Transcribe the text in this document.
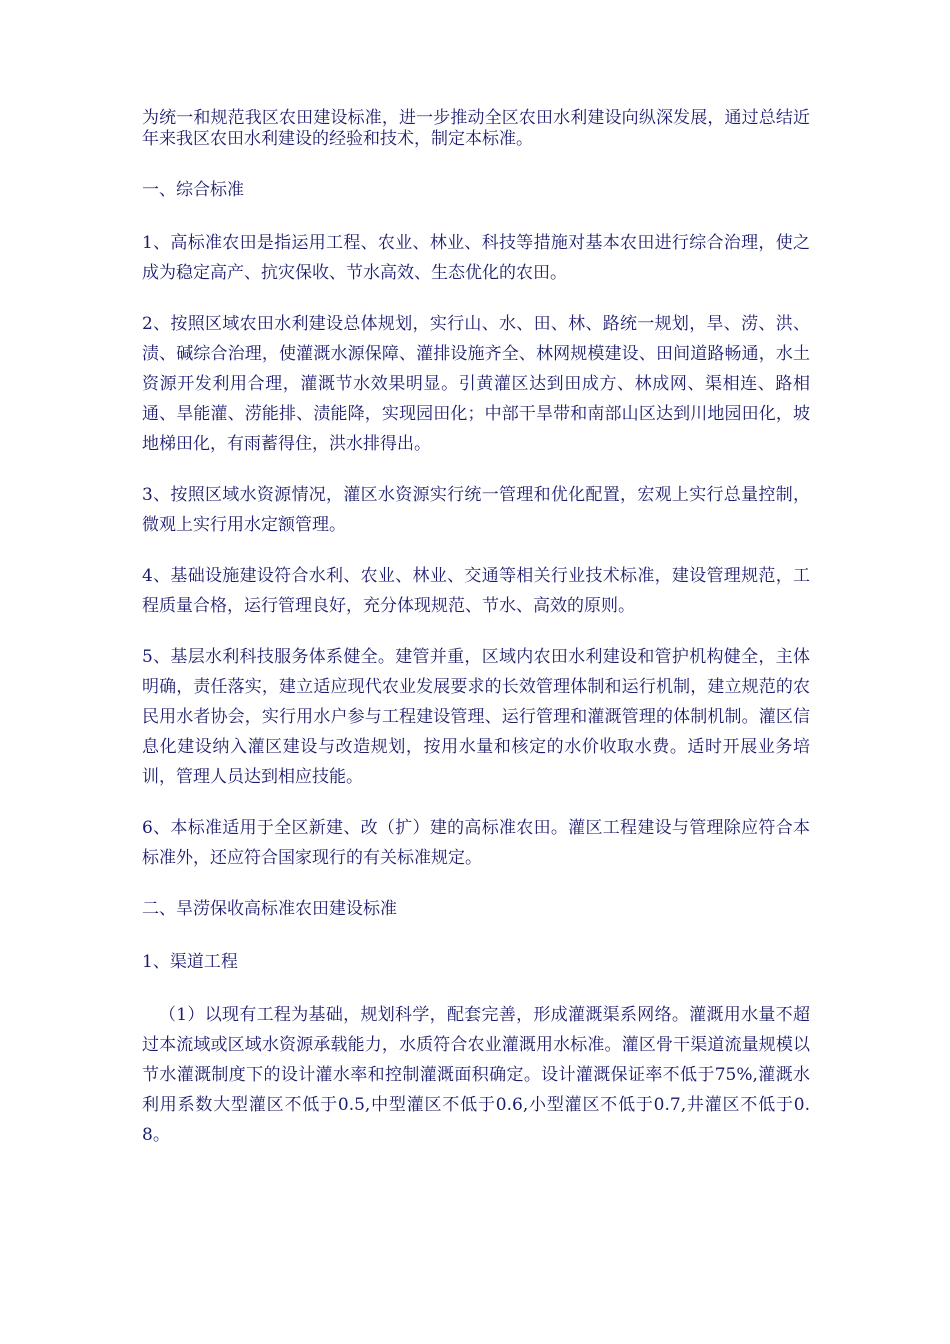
为统一和规范我区农田建设标准，进一步推动全区农田水利建设向纵深发展，通过总结近年来我区农田水利建设的经验和技术，制定本标准。

一、综合标准

1、高标准农田是指运用工程、农业、林业、科技等措施对基本农田进行综合治理，使之成为稳定高产、抗灾保收、节水高效、生态优化的农田。

2、按照区域农田水利建设总体规划，实行山、水、田、林、路统一规划，旱、涝、洪、渍、碱综合治理，使灌溉水源保障、灌排设施齐全、林网规模建设、田间道路畅通，水土资源开发利用合理，灌溉节水效果明显。引黄灌区达到田成方、林成网、渠相连、路相通、旱能灌、涝能排、渍能降，实现园田化；中部干旱带和南部山区达到川地园田化，坡地梯田化，有雨蓄得住，洪水排得出。

3、按照区域水资源情况，灌区水资源实行统一管理和优化配置，宏观上实行总量控制，微观上实行用水定额管理。

4、基础设施建设符合水利、农业、林业、交通等相关行业技术标准，建设管理规范，工程质量合格，运行管理良好，充分体现规范、节水、高效的原则。

5、基层水利科技服务体系健全。建管并重，区域内农田水利建设和管护机构健全，主体明确，责任落实，建立适应现代农业发展要求的长效管理体制和运行机制，建立规范的农民用水者协会，实行用水户参与工程建设管理、运行管理和灌溉管理的体制机制。灌区信息化建设纳入灌区建设与改造规划，按用水量和核定的水价收取水费。适时开展业务培训，管理人员达到相应技能。

6、本标准适用于全区新建、改（扩）建的高标准农田。灌区工程建设与管理除应符合本标准外，还应符合国家现行的有关标准规定。

二、旱涝保收高标准农田建设标准

1、渠道工程

（1）以现有工程为基础，规划科学，配套完善，形成灌溉渠系网络。灌溉用水量不超过本流域或区域水资源承载能力，水质符合农业灌溉用水标准。灌区骨干渠道流量规模以节水灌溉制度下的设计灌水率和控制灌溉面积确定。设计灌溉保证率不低于75%,灌溉水利用系数大型灌区不低于0.5,中型灌区不低于0.6,小型灌区不低于0.7,井灌区不低于0.8。
